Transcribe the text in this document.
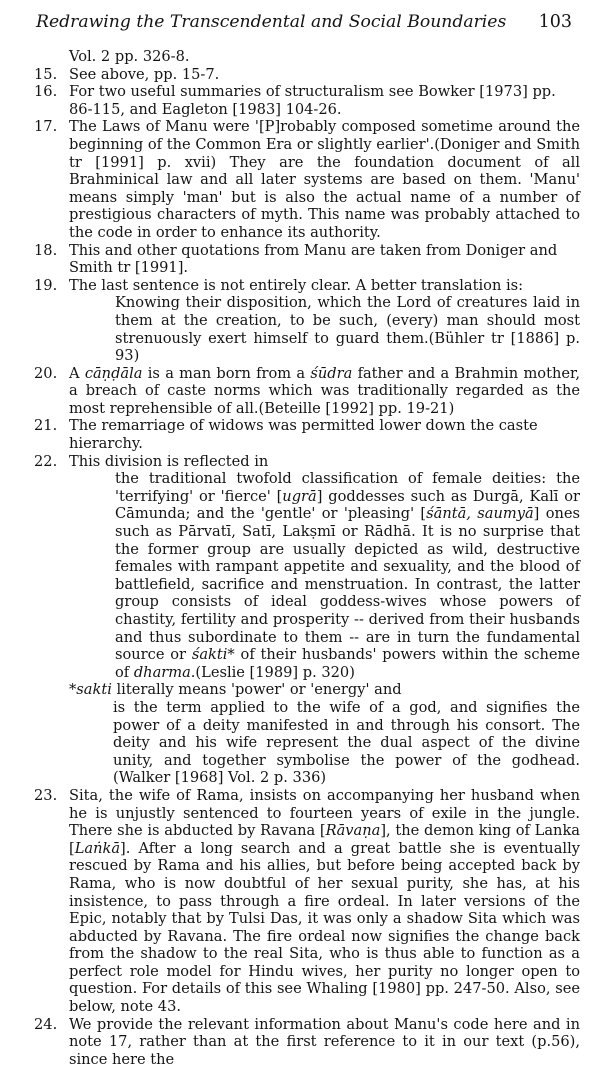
Redrawing the Transcendental and Social Boundaries 103

Vol. 2 pp. 326-8.

15. See above, pp. 15-7.

16. For two useful summaries of structuralism see Bowker [1973] pp. 86-115, and Eagleton [1983] 104-26.

17. The Laws of Manu were '[P]robably composed sometime around the beginning of the Common Era or slightly earlier'.(Doniger and Smith tr [1991] p. xvii) They are the foundation document of all Brahminical law and all later systems are based on them. 'Manu' means simply 'man' but is also the actual name of a number of prestigious characters of myth. This name was probably attached to the code in order to enhance its authority.

18. This and other quotations from Manu are taken from Doniger and Smith tr [1991].

19. The last sentence is not entirely clear. A better translation is:

Knowing their disposition, which the Lord of creatures laid in them at the creation, to be such, (every) man should most strenuously exert himself to guard them.(Bühler tr [1886] p. 93)

20. A cāṇḍāla is a man born from a śūdra father and a Brahmin mother, a breach of caste norms which was traditionally regarded as the most reprehensible of all.(Beteille [1992] pp. 19-21)

21. The remarriage of widows was permitted lower down the caste hierarchy.

22. This division is reflected in

the traditional twofold classification of female deities: the 'terrifying' or 'fierce' [ugrā] goddesses such as Durgā, Kalī or Cāmunda; and the 'gentle' or 'pleasing' [śāntā, saumyā] ones such as Pārvatī, Satī, Lakṣmī or Rādhā. It is no surprise that the former group are usually depicted as wild, destructive females with rampant appetite and sexuality, and the blood of battlefield, sacrifice and menstruation. In contrast, the latter group consists of ideal goddess-wives whose powers of chastity, fertility and prosperity -- derived from their husbands and thus subordinate to them -- are in turn the fundamental source or śakti* of their husbands' powers within the scheme of dharma.(Leslie [1989] p. 320)

*sakti literally means 'power' or 'energy' and

is the term applied to the wife of a god, and signifies the power of a deity manifested in and through his consort. The deity and his wife represent the dual aspect of the divine unity, and together symbolise the power of the godhead.(Walker [1968] Vol. 2 p. 336)

23. Sita, the wife of Rama, insists on accompanying her husband when he is unjustly sentenced to fourteen years of exile in the jungle. There she is abducted by Ravana [Rāvaṇa], the demon king of Lanka [Laṅkā]. After a long search and a great battle she is eventually rescued by Rama and his allies, but before being accepted back by Rama, who is now doubtful of her sexual purity, she has, at his insistence, to pass through a fire ordeal. In later versions of the Epic, notably that by Tulsi Das, it was only a shadow Sita which was abducted by Ravana. The fire ordeal now signifies the change back from the shadow to the real Sita, who is thus able to function as a perfect role model for Hindu wives, her purity no longer open to question. For details of this see Whaling [1980] pp. 247-50. Also, see below, note 43.

24. We provide the relevant information about Manu's code here and in note 17, rather than at the first reference to it in our text (p.56), since here the
